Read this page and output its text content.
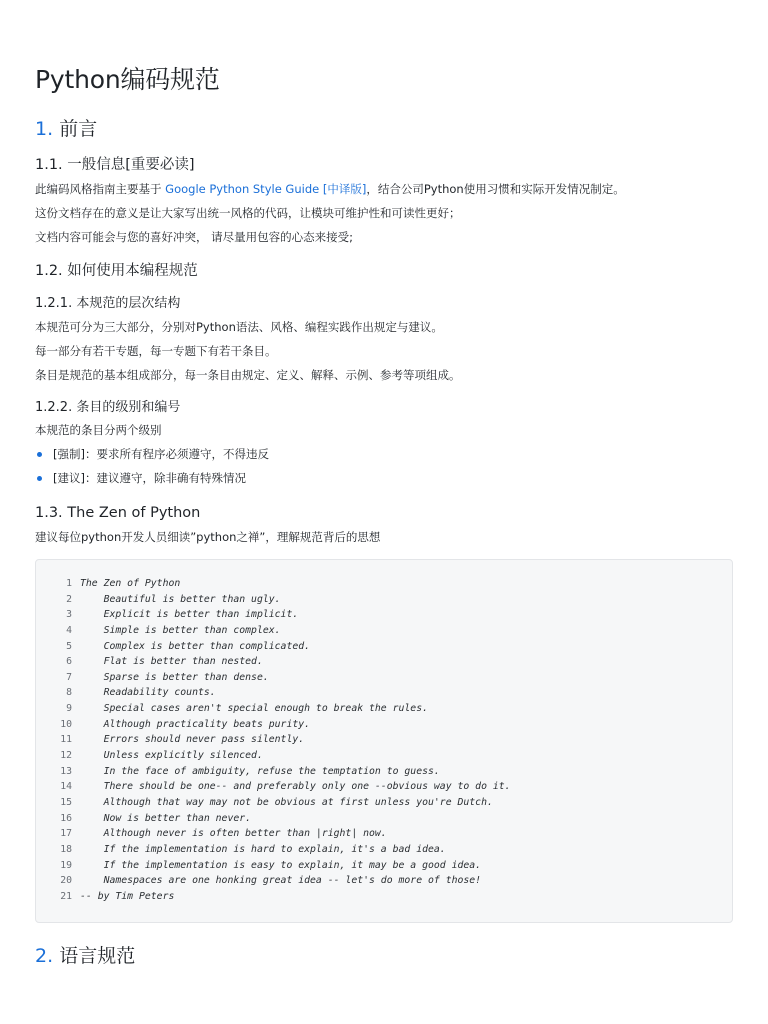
Python编码规范
1. 前言
1.1. 一般信息[重要必读]

此编码风格指南主要基于 Google Python Style Guide [中译版]，结合公司Python使用习惯和实际开发情况制定。

这份文档存在的意义是让大家写出统一风格的代码，让模块可维护性和可读性更好；

文档内容可能会与您的喜好冲突， 请尽量用包容的心态来接受;

1.2. 如何使用本编程规范
1.2.1. 本规范的层次结构

本规范可分为三大部分，分别对Python语法、风格、编程实践作出规定与建议。

每一部分有若干专题，每一专题下有若干条目。

条目是规范的基本组成部分，每一条目由规定、定义、解释、示例、参考等项组成。

1.2.2. 条目的级别和编号

本规范的条目分两个级别

[强制]：要求所有程序必须遵守，不得违反
[建议]：建议遵守，除非确有特殊情况
1.3. The Zen of Python

建议每位python开发人员细读”python之禅”，理解规范背后的思想

1 The Zen of Python
2 Beautiful is better than ugly.
3 Explicit is better than implicit.
4 Simple is better than complex.
5 Complex is better than complicated.
6 Flat is better than nested.
7 Sparse is better than dense.
8 Readability counts.
9 Special cases aren't special enough to break the rules.
10 Although practicality beats purity.
11 Errors should never pass silently.
12 Unless explicitly silenced.
13 In the face of ambiguity, refuse the temptation to guess.
14 There should be one-- and preferably only one --obvious way to do it.
15 Although that way may not be obvious at first unless you're Dutch.
16 Now is better than never.
17 Although never is often better than |right| now.
18 If the implementation is hard to explain, it's a bad idea.
19 If the implementation is easy to explain, it may be a good idea.
20 Namespaces are one honking great idea -- let's do more of those!
21 -- by Tim Peters
2. 语言规范
